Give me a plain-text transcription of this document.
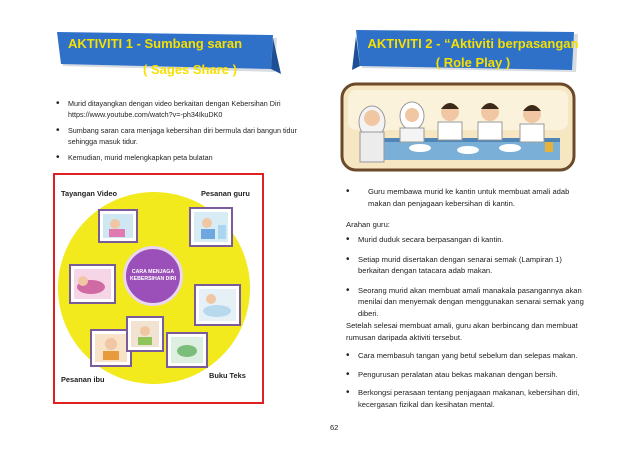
AKTIVITI 1 - Sumbang saran
( Sages Share )
AKTIVITI 2 - “Aktiviti berpasangan
( Role Play )
• Murid ditayangkan dengan video berkaitan dengan Kebersihan Diri https://www.youtube.com/watch?v=-ph34IkuDK0
• Sumbang saran cara menjaga kebersihan diri bermula dari bangun tidur sehingga masuk tidur.
• Kemudian, murid melengkapkan peta bulatan
Tayangan Video	Pesanan guru
Pesanan ibu	Buku Teks
CARA MENJAGA KEBERSIHAN DIRI
• Guru membawa murid ke kantin untuk membuat amali adab makan dan penjagaan kebersihan di kantin.

Arahan guru:

• Murid duduk secara berpasangan di kantin.
• Setiap murid disertakan dengan senarai semak (Lampiran 1) berkaitan dengan tatacara adab makan.
• Seorang murid akan membuat amali manakala pasangannya akan menilai dan menyemak dengan menggunakan senarai semak yang diberi.

Setelah selesai membuat amali, guru akan berbincang dan membuat rumusan daripada aktiviti tersebut.

• Cara membasuh tangan yang betul sebelum dan selepas makan.
• Pengurusan peralatan atau bekas makanan dengan bersih.
• Berkongsi perasaan tentang penjagaan makanan, kebersihan diri, kecergasan fizikal dan kesihatan mental.
62
